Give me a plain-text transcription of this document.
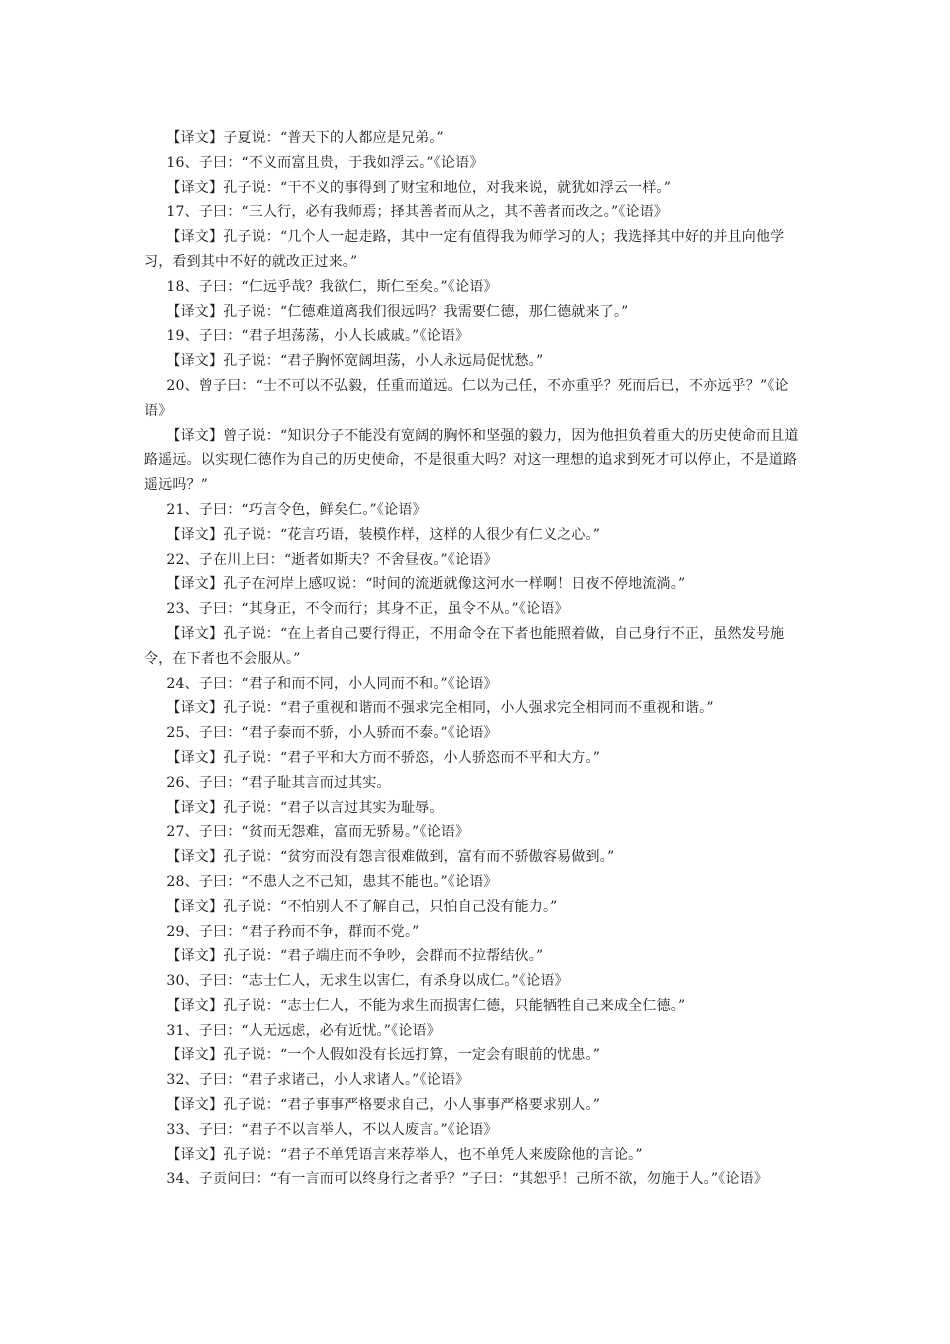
【译文】子夏说：“普天下的人都应是兄弟。”
16、子曰：“不义而富且贵，于我如浮云。”《论语》
【译文】孔子说：“干不义的事得到了财宝和地位，对我来说，就犹如浮云一样。”
17、子曰：“三人行，必有我师焉；择其善者而从之，其不善者而改之。”《论语》
【译文】孔子说：“几个人一起走路，其中一定有值得我为师学习的人；我选择其中好的并且向他学习，看到其中不好的就改正过来。”
18、子曰：“仁远乎哉？我欲仁，斯仁至矣。”《论语》
【译文】孔子说：“仁德难道离我们很远吗？我需要仁德，那仁德就来了。”
19、子曰：“君子坦荡荡，小人长戚戚。”《论语》
【译文】孔子说：“君子胸怀宽阔坦荡，小人永远局促忧愁。”
20、曾子曰：“士不可以不弘毅，任重而道远。仁以为己任，不亦重乎？死而后已，不亦远乎？”《论语》
【译文】曾子说：“知识分子不能没有宽阔的胸怀和坚强的毅力，因为他担负着重大的历史使命而且道路遥远。以实现仁德作为自己的历史使命，不是很重大吗？对这一理想的追求到死才可以停止，不是道路遥远吗？”
21、子曰：“巧言令色，鲜矣仁。”《论语》
【译文】孔子说：“花言巧语，装模作样，这样的人很少有仁义之心。”
22、子在川上曰：“逝者如斯夫？不舍昼夜。”《论语》
【译文】孔子在河岸上感叹说：“时间的流逝就像这河水一样啊！日夜不停地流淌。”
23、子曰：“其身正，不令而行；其身不正，虽令不从。”《论语》
【译文】孔子说：“在上者自己要行得正，不用命令在下者也能照着做，自己身行不正，虽然发号施令，在下者也不会服从。”
24、子曰：“君子和而不同，小人同而不和。”《论语》
【译文】孔子说：“君子重视和谐而不强求完全相同，小人强求完全相同而不重视和谐。”
25、子曰：“君子泰而不骄，小人骄而不泰。”《论语》
【译文】孔子说：“君子平和大方而不骄恣，小人骄恣而不平和大方。”
26、子曰：“君子耻其言而过其实。
【译文】孔子说：“君子以言过其实为耻辱。
27、子曰：“贫而无怨难，富而无骄易。”《论语》
【译文】孔子说：“贫穷而没有怨言很难做到，富有而不骄傲容易做到。”
28、子曰：“不患人之不己知，患其不能也。”《论语》
【译文】孔子说：“不怕别人不了解自己，只怕自己没有能力。”
29、子曰：“君子矜而不争，群而不党。”
【译文】孔子说：“君子端庄而不争吵，会群而不拉帮结伙。”
30、子曰：“志士仁人，无求生以害仁，有杀身以成仁。”《论语》
【译文】孔子说：“志士仁人，不能为求生而损害仁德，只能牺牲自己来成全仁德。”
31、子曰：“人无远虑，必有近忧。”《论语》
【译文】孔子说：“一个人假如没有长远打算，一定会有眼前的忧患。”
32、子曰：“君子求诸己，小人求诸人。”《论语》
【译文】孔子说：“君子事事严格要求自己，小人事事严格要求别人。”
33、子曰：“君子不以言举人，不以人废言。”《论语》
【译文】孔子说：“君子不单凭语言来荐举人，也不单凭人来废除他的言论。”
34、子贡问曰：“有一言而可以终身行之者乎？”子曰：“其恕乎！己所不欲，勿施于人。”《论语》
